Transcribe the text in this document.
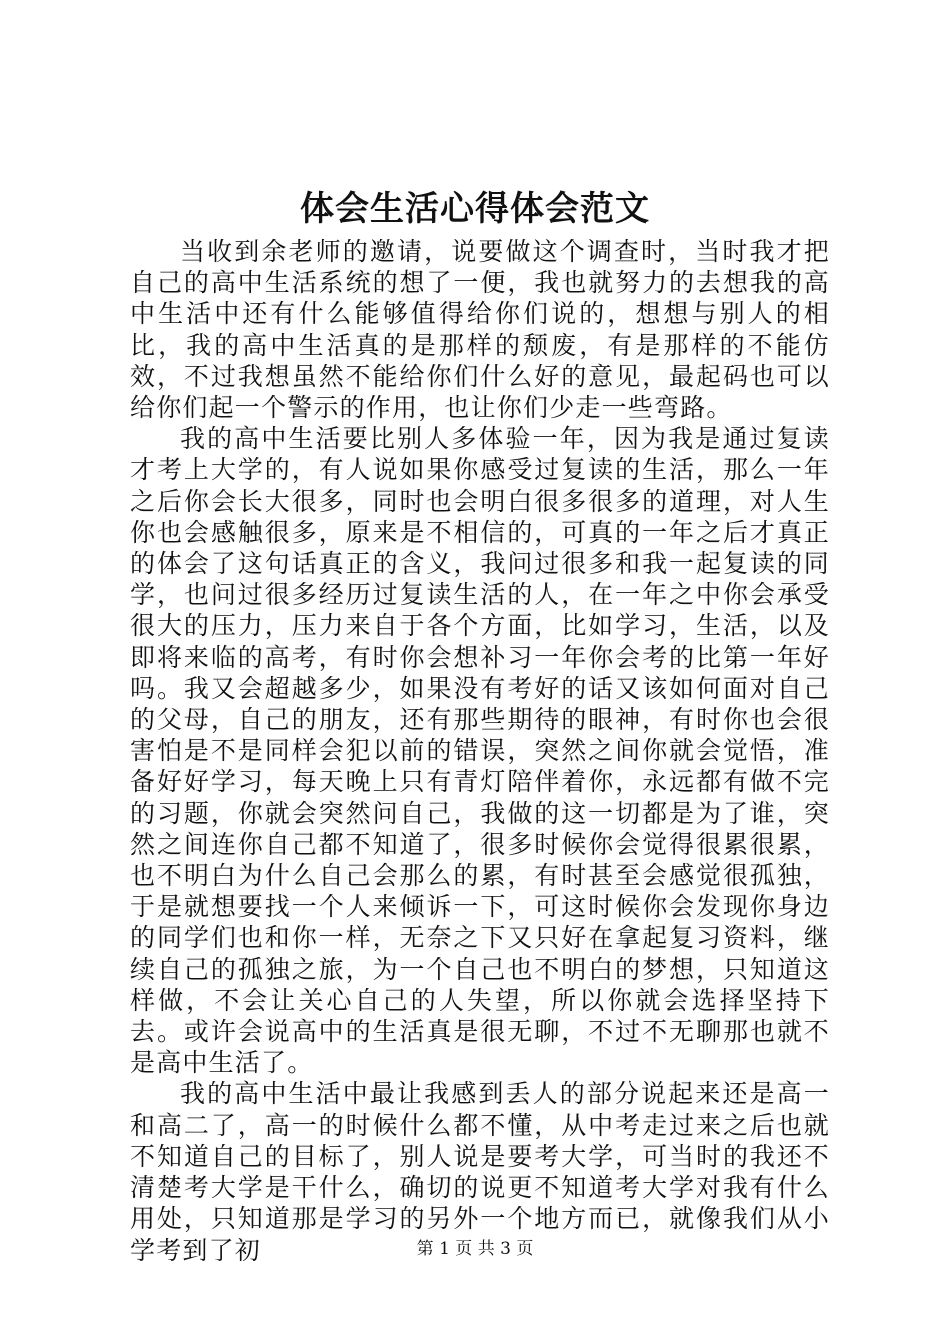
体会生活心得体会范文

当收到余老师的邀请，说要做这个调查时，当时我才把自己的高中生活系统的想了一便，我也就努力的去想我的高中生活中还有什么能够值得给你们说的，想想与别人的相比，我的高中生活真的是那样的颓废，有是那样的不能仿效，不过我想虽然不能给你们什么好的意见，最起码也可以给你们起一个警示的作用，也让你们少走一些弯路。

我的高中生活要比别人多体验一年，因为我是通过复读才考上大学的，有人说如果你感受过复读的生活，那么一年之后你会长大很多，同时也会明白很多很多的道理，对人生你也会感触很多，原来是不相信的，可真的一年之后才真正的体会了这句话真正的含义，我问过很多和我一起复读的同学，也问过很多经历过复读生活的人，在一年之中你会承受很大的压力，压力来自于各个方面，比如学习，生活，以及即将来临的高考，有时你会想补习一年你会考的比第一年好吗。我又会超越多少，如果没有考好的话又该如何面对自己的父母，自己的朋友，还有那些期待的眼神，有时你也会很害怕是不是同样会犯以前的错误，突然之间你就会觉悟，准备好好学习，每天晚上只有青灯陪伴着你，永远都有做不完的习题，你就会突然问自己，我做的这一切都是为了谁，突然之间连你自己都不知道了，很多时候你会觉得很累很累，也不明白为什么自己会那么的累，有时甚至会感觉很孤独，于是就想要找一个人来倾诉一下，可这时候你会发现你身边的同学们也和你一样，无奈之下又只好在拿起复习资料，继续自己的孤独之旅，为一个自己也不明白的梦想，只知道这样做，不会让关心自己的人失望，所以你就会选择坚持下去。或许会说高中的生活真是很无聊，不过不无聊那也就不是高中生活了。

我的高中生活中最让我感到丢人的部分说起来还是高一和高二了，高一的时候什么都不懂，从中考走过来之后也就不知道自己的目标了，别人说是要考大学，可当时的我还不清楚考大学是干什么，确切的说更不知道考大学对我有什么用处，只知道那是学习的另外一个地方而已，就像我们从小学考到了初	第 1 页 共 3 页
